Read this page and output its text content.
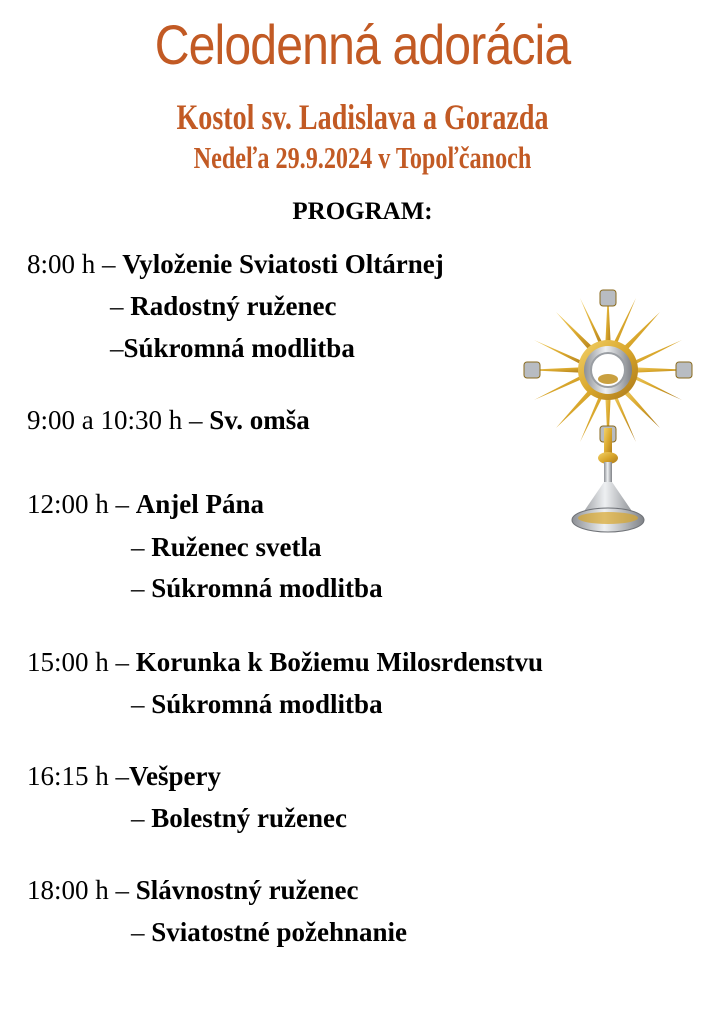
Celodenná adorácia
Kostol sv. Ladislava a Gorazda
Nedeľa 29.9.2024 v Topoľčanoch
PROGRAM:
8:00 h – Vyloženie Sviatosti Oltárnej
– Radostný ruženec
–Súkromná modlitba
9:00 a 10:30 h – Sv. omša
12:00 h – Anjel Pána
– Ruženec svetla
– Súkromná modlitba
15:00 h – Korunka k Božiemu Milosrdenstvu
– Súkromná modlitba
16:15 h –Vešpery
– Bolestný ruženec
18:00 h – Slávnostný ruženec
– Sviatostné požehnanie
